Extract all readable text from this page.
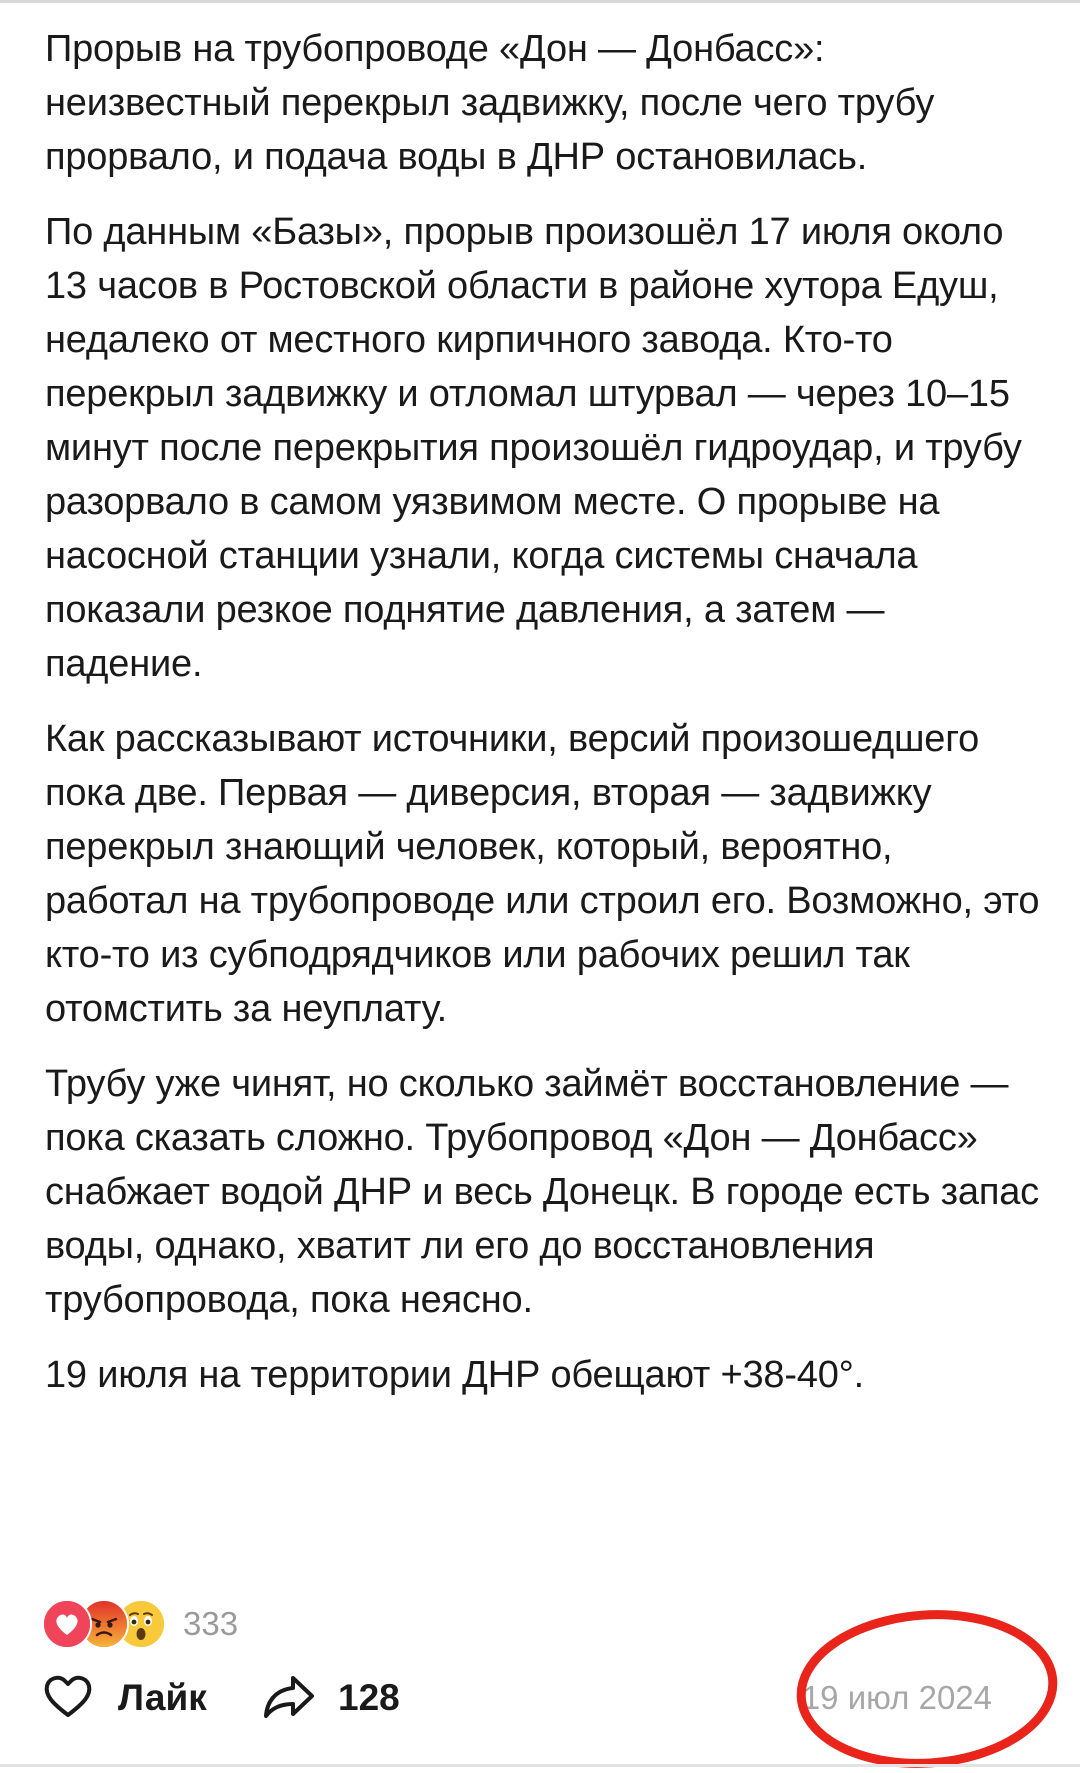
Прорыв на трубопроводе «Дон — Донбасс»: неизвестный перекрыл задвижку, после чего трубу прорвало, и подача воды в ДНР остановилась.

По данным «Базы», прорыв произошёл 17 июля около 13 часов в Ростовской области в районе хутора Едуш, недалеко от местного кирпичного завода. Кто-то перекрыл задвижку и отломал штурвал — через 10–15 минут после перекрытия произошёл гидроудар, и трубу разорвало в самом уязвимом месте. О прорыве на насосной станции узнали, когда системы сначала показали резкое поднятие давления, а затем — падение.

Как рассказывают источники, версий произошедшего пока две. Первая — диверсия, вторая — задвижку перекрыл знающий человек, который, вероятно, работал на трубопроводе или строил его. Возможно, это кто-то из субподрядчиков или рабочих решил так отомстить за неуплату.

Трубу уже чинят, но сколько займёт восстановление — пока сказать сложно. Трубопровод «Дон — Донбасс» снабжает водой ДНР и весь Донецк. В городе есть запас воды, однако, хватит ли его до восстановления трубопровода, пока неясно.

19 июля на территории ДНР обещают +38-40°.

333
Лайк	128	19 июл 2024
